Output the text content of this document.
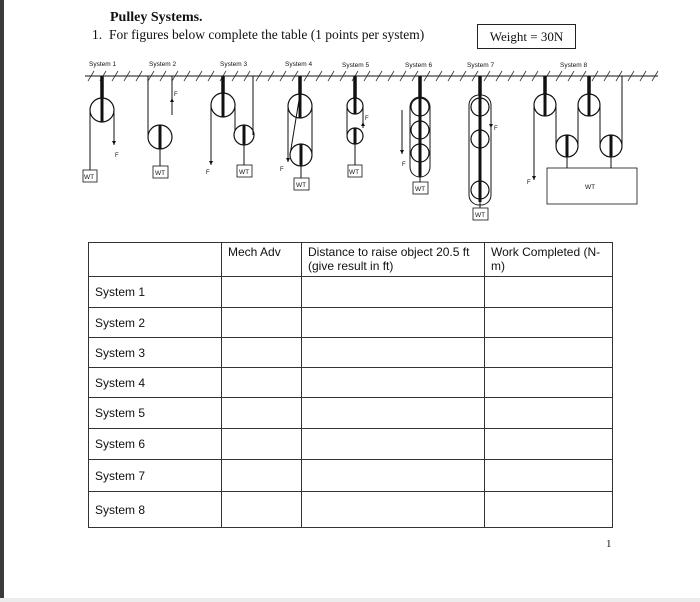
Pulley Systems.
1. For figures below complete the table (1 points per system)	Weight = 30N
System 1	System 2	System 3	System 4	System 5	System 6	System 7	System 8
F
WT
F
WT	F	WT	F
WT
F
WT
F
WT
F
WT
F
WT
	Mech Adv	Distance to raise object 20.5 ft (give result in ft)	Work Completed (N-m)
System 1			
System 2			
System 3			
System 4			
System 5			
System 6			
System 7			
System 8			
1
